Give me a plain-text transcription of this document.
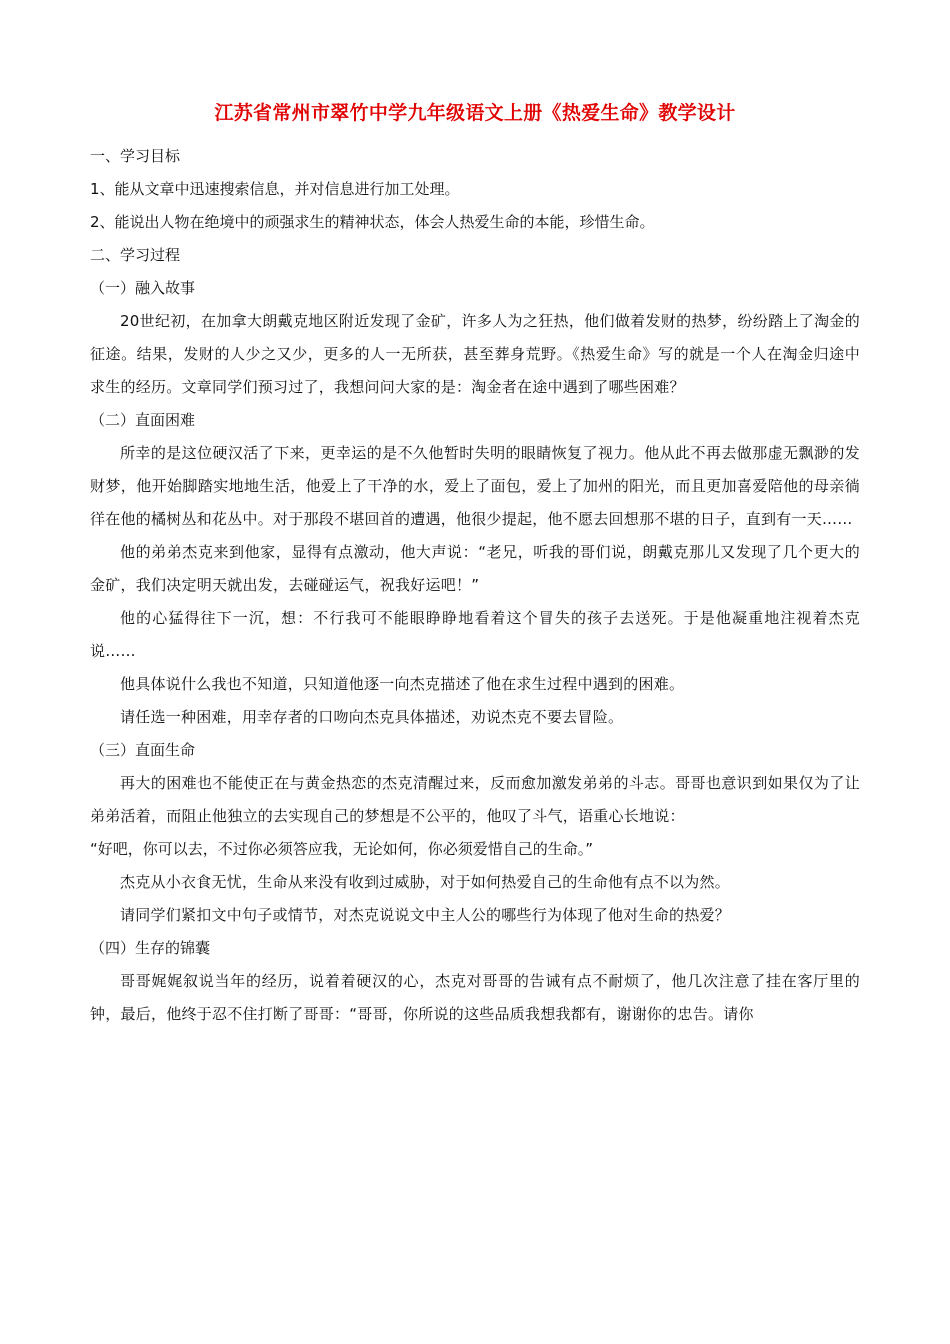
江苏省常州市翠竹中学九年级语文上册《热爱生命》教学设计

一、学习目标

1、能从文章中迅速搜索信息，并对信息进行加工处理。

2、能说出人物在绝境中的顽强求生的精神状态，体会人热爱生命的本能，珍惜生命。

二、学习过程

（一）融入故事

20世纪初，在加拿大朗戴克地区附近发现了金矿，许多人为之狂热，他们做着发财的热梦，纷纷踏上了淘金的征途。结果，发财的人少之又少，更多的人一无所获，甚至葬身荒野。《热爱生命》写的就是一个人在淘金归途中求生的经历。文章同学们预习过了，我想问问大家的是：淘金者在途中遇到了哪些困难？

（二）直面困难

所幸的是这位硬汉活了下来，更幸运的是不久他暂时失明的眼睛恢复了视力。他从此不再去做那虚无飘渺的发财梦，他开始脚踏实地地生活，他爱上了干净的水，爱上了面包，爱上了加州的阳光，而且更加喜爱陪他的母亲徜徉在他的橘树丛和花丛中。对于那段不堪回首的遭遇，他很少提起，他不愿去回想那不堪的日子，直到有一天……

他的弟弟杰克来到他家，显得有点激动，他大声说：“老兄，听我的哥们说，朗戴克那儿又发现了几个更大的金矿，我们决定明天就出发，去碰碰运气，祝我好运吧！”

他的心猛得往下一沉，想：不行我可不能眼睁睁地看着这个冒失的孩子去送死。于是他凝重地注视着杰克说……

他具体说什么我也不知道，只知道他逐一向杰克描述了他在求生过程中遇到的困难。

请任选一种困难，用幸存者的口吻向杰克具体描述，劝说杰克不要去冒险。

（三）直面生命

再大的困难也不能使正在与黄金热恋的杰克清醒过来，反而愈加激发弟弟的斗志。哥哥也意识到如果仅为了让弟弟活着，而阻止他独立的去实现自己的梦想是不公平的，他叹了斗气，语重心长地说：

“好吧，你可以去，不过你必须答应我，无论如何，你必须爱惜自己的生命。”

杰克从小衣食无忧，生命从来没有收到过威胁，对于如何热爱自己的生命他有点不以为然。

请同学们紧扣文中句子或情节，对杰克说说文中主人公的哪些行为体现了他对生命的热爱？

（四）生存的锦囊

哥哥娓娓叙说当年的经历，说着着硬汉的心，杰克对哥哥的告诫有点不耐烦了，他几次注意了挂在客厅里的钟，最后，他终于忍不住打断了哥哥：“哥哥，你所说的这些品质我想我都有，谢谢你的忠告。请你
